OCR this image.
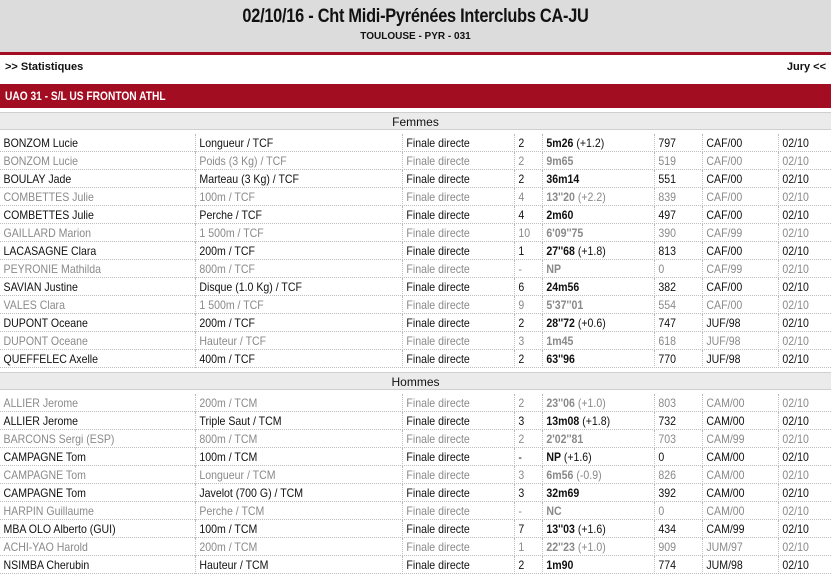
02/10/16 - Cht Midi-Pyrénées Interclubs CA-JU
TOULOUSE - PYR - 031
>> Statistiques	Jury <<
UAO 31 - S/L US FRONTON ATHL
Femmes
BONZOM Lucie	Longueur / TCF	Finale directe	2	5m26 (+1.2)	797	CAF/00	02/10
BONZOM Lucie	Poids (3 Kg) / TCF	Finale directe	2	9m65	519	CAF/00	02/10
BOULAY Jade	Marteau (3 Kg) / TCF	Finale directe	2	36m14	551	CAF/00	02/10
COMBETTES Julie	100m / TCF	Finale directe	4	13''20 (+2.2)	839	CAF/00	02/10
COMBETTES Julie	Perche / TCF	Finale directe	4	2m60	497	CAF/00	02/10
GAILLARD Marion	1 500m / TCF	Finale directe	10	6'09''75	390	CAF/99	02/10
LACASAGNE Clara	200m / TCF	Finale directe	1	27''68 (+1.8)	813	CAF/00	02/10
PEYRONIE Mathilda	800m / TCF	Finale directe	-	NP	0	CAF/99	02/10
SAVIAN Justine	Disque (1.0 Kg) / TCF	Finale directe	6	24m56	382	CAF/00	02/10
VALES Clara	1 500m / TCF	Finale directe	9	5'37''01	554	CAF/00	02/10
DUPONT Oceane	200m / TCF	Finale directe	2	28''72 (+0.6)	747	JUF/98	02/10
DUPONT Oceane	Hauteur / TCF	Finale directe	3	1m45	618	JUF/98	02/10
QUEFFELEC Axelle	400m / TCF	Finale directe	2	63''96	770	JUF/98	02/10
Hommes
ALLIER Jerome	200m / TCM	Finale directe	2	23''06 (+1.0)	803	CAM/00	02/10
ALLIER Jerome	Triple Saut / TCM	Finale directe	3	13m08 (+1.8)	732	CAM/00	02/10
BARCONS Sergi (ESP)	800m / TCM	Finale directe	2	2'02''81	703	CAM/99	02/10
CAMPAGNE Tom	100m / TCM	Finale directe	-	NP (+1.6)	0	CAM/00	02/10
CAMPAGNE Tom	Longueur / TCM	Finale directe	3	6m56 (-0.9)	826	CAM/00	02/10
CAMPAGNE Tom	Javelot (700 G) / TCM	Finale directe	3	32m69	392	CAM/00	02/10
HARPIN Guillaume	Perche / TCM	Finale directe	-	NC	0	CAM/00	02/10
MBA OLO Alberto (GUI)	100m / TCM	Finale directe	7	13''03 (+1.6)	434	CAM/99	02/10
ACHI-YAO Harold	200m / TCM	Finale directe	1	22''23 (+1.0)	909	JUM/97	02/10
NSIMBA Cherubin	Hauteur / TCM	Finale directe	2	1m90	774	JUM/98	02/10
